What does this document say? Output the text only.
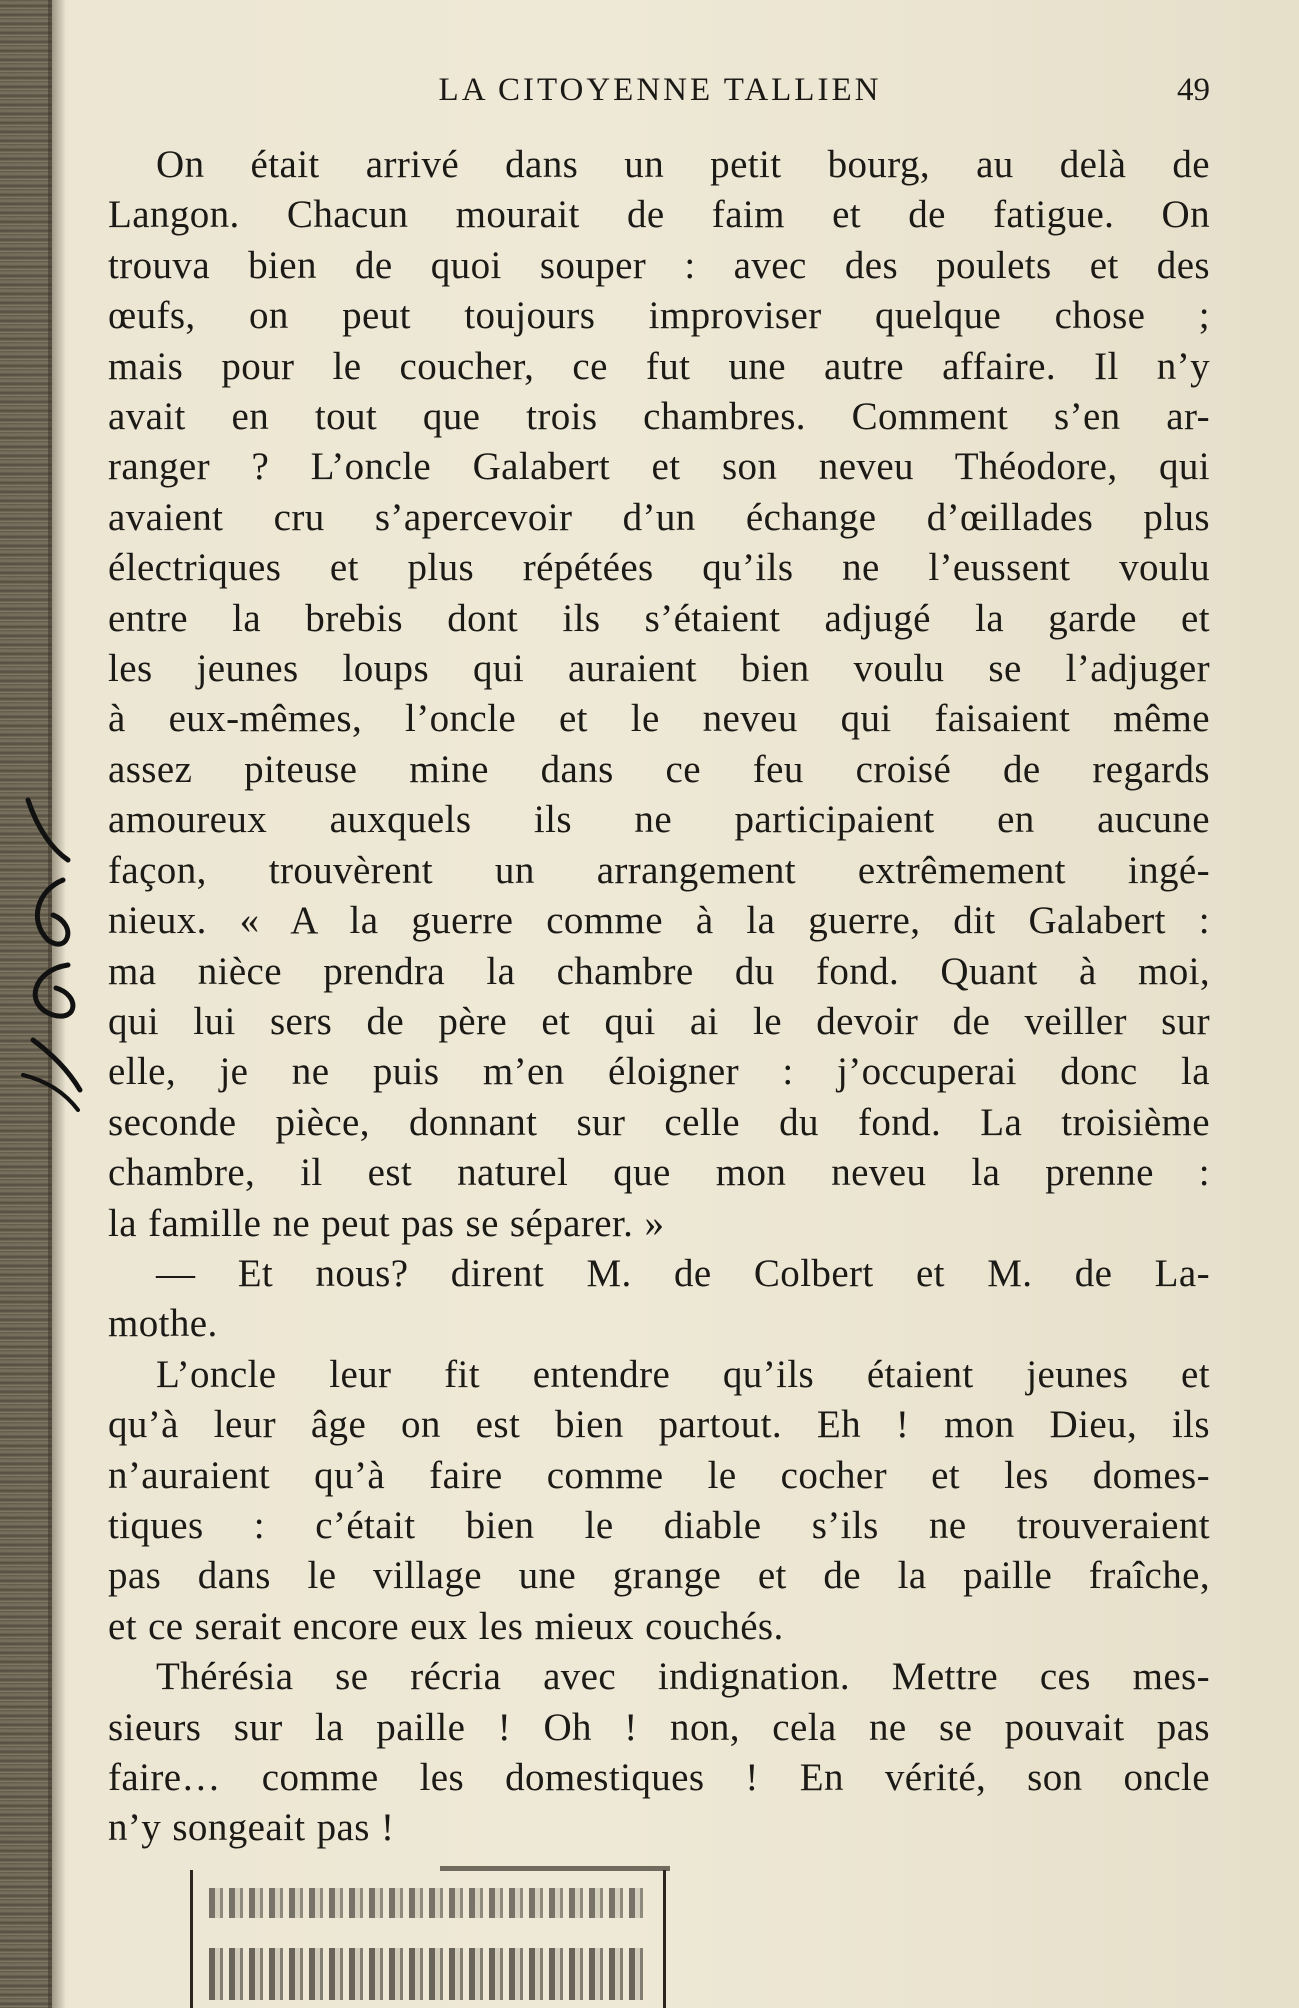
LA CITOYENNE TALLIEN	49
On était arrivé dans un petit bourg, au delà de
Langon. Chacun mourait de faim et de fatigue. On
trouva bien de quoi souper : avec des poulets et des
œufs, on peut toujours improviser quelque chose ;
mais pour le coucher, ce fut une autre affaire. Il n’y
avait en tout que trois chambres. Comment s’en ar-
ranger ? L’oncle Galabert et son neveu Théodore, qui
avaient cru s’apercevoir d’un échange d’œillades plus
électriques et plus répétées qu’ils ne l’eussent voulu
entre la brebis dont ils s’étaient adjugé la garde et
les jeunes loups qui auraient bien voulu se l’adjuger
à eux-mêmes, l’oncle et le neveu qui faisaient même
assez piteuse mine dans ce feu croisé de regards
amoureux auxquels ils ne participaient en aucune
façon, trouvèrent un arrangement extrêmement ingé-
nieux. « A la guerre comme à la guerre, dit Galabert :
ma nièce prendra la chambre du fond. Quant à moi,
qui lui sers de père et qui ai le devoir de veiller sur
elle, je ne puis m’en éloigner : j’occuperai donc la
seconde pièce, donnant sur celle du fond. La troisième
chambre, il est naturel que mon neveu la prenne :
la famille ne peut pas se séparer. »
— Et nous? dirent M. de Colbert et M. de La-
mothe.
L’oncle leur fit entendre qu’ils étaient jeunes et
qu’à leur âge on est bien partout. Eh ! mon Dieu, ils
n’auraient qu’à faire comme le cocher et les domes-
tiques : c’était bien le diable s’ils ne trouveraient
pas dans le village une grange et de la paille fraîche,
et ce serait encore eux les mieux couchés.
Thérésia se récria avec indignation. Mettre ces mes-
sieurs sur la paille ! Oh ! non, cela ne se pouvait pas
faire… comme les domestiques ! En vérité, son oncle
n’y songeait pas !
